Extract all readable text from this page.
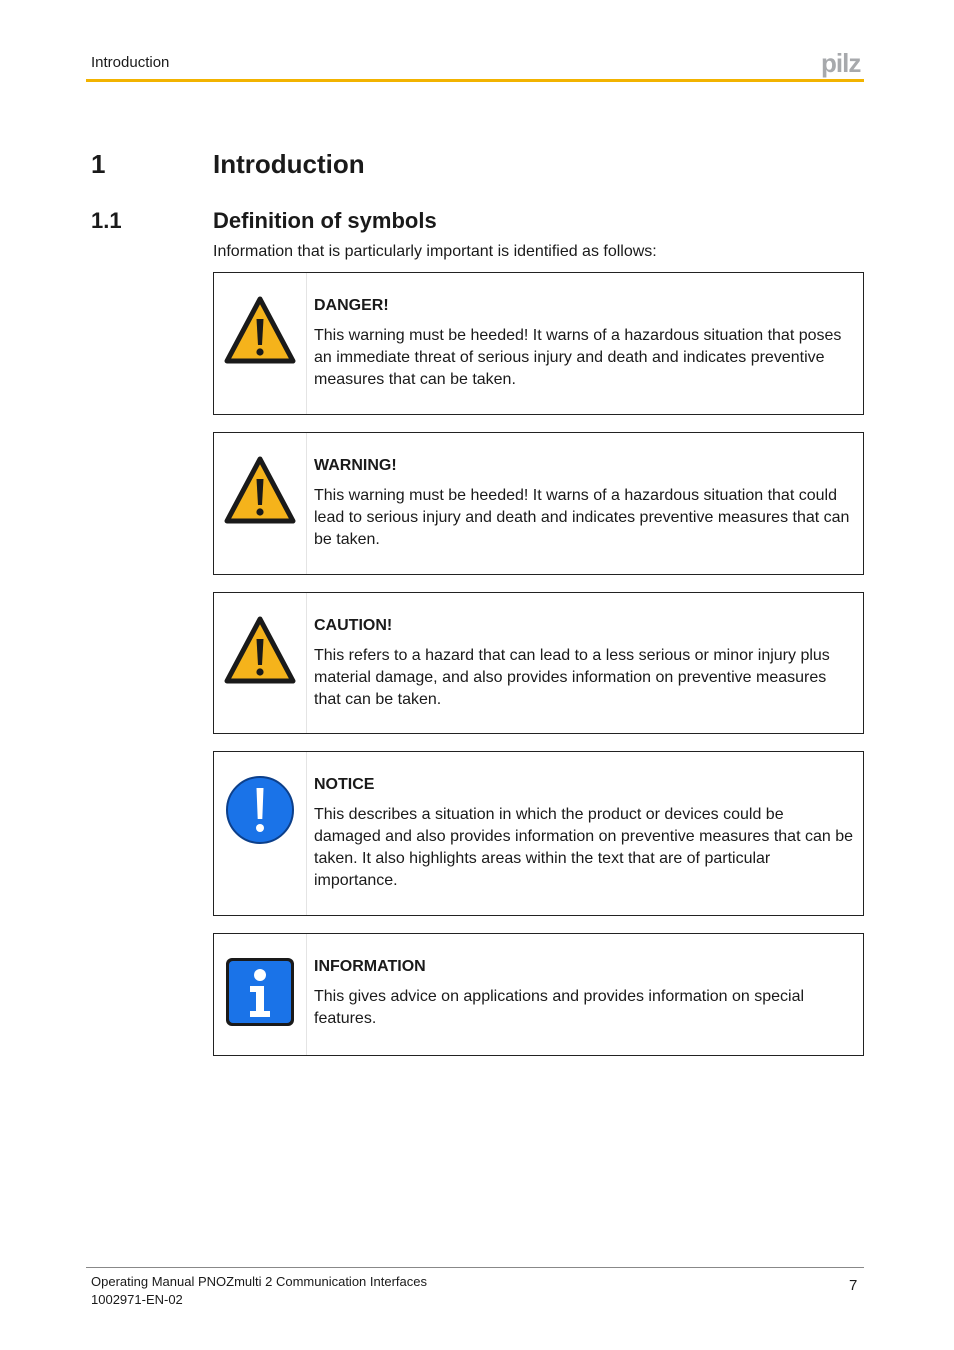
Introduction	pilz
1	Introduction
1.1	Definition of symbols
Information that is particularly important is identified as follows:
DANGER!
This warning must be heeded! It warns of a hazardous situation that poses an immediate threat of serious injury and death and indicates preventive measures that can be taken.
WARNING!
This warning must be heeded! It warns of a hazardous situation that could lead to serious injury and death and indicates preventive measures that can be taken.
CAUTION!
This refers to a hazard that can lead to a less serious or minor injury plus material damage, and also provides information on preventive measures that can be taken.
NOTICE
This describes a situation in which the product or devices could be damaged and also provides information on preventive measures that can be taken. It also highlights areas within the text that are of particular importance.
INFORMATION
This gives advice on applications and provides information on special features.
Operating Manual PNOZmulti 2 Communication Interfaces
1002971-EN-02
7
